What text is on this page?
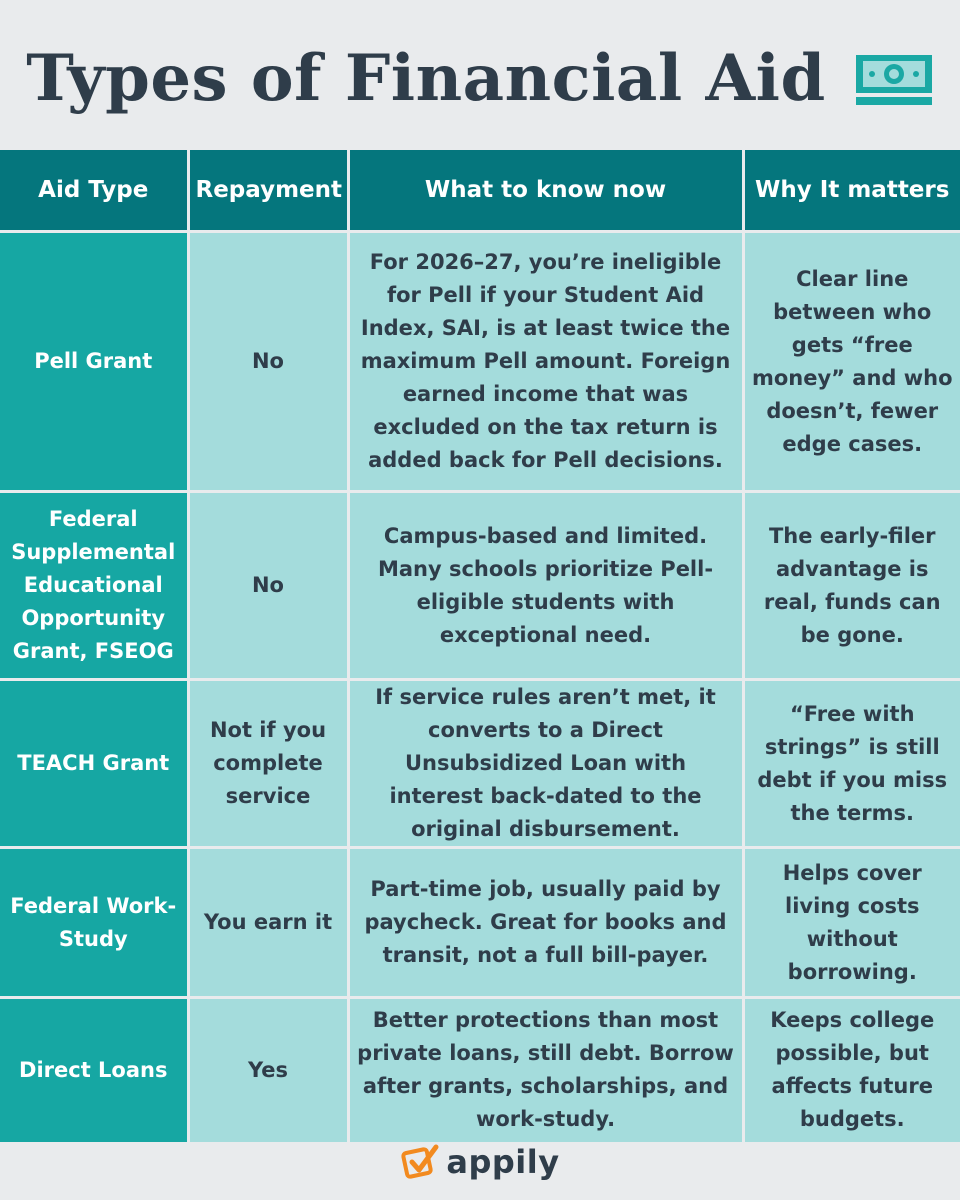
Types of Financial Aid
Aid Type	Repayment	What to know now	Why It matters
Pell Grant	No	For 2026–27, you’re ineligible for Pell if your Student Aid Index, SAI, is at least twice the maximum Pell amount. Foreign earned income that was excluded on the tax return is added back for Pell decisions.	Clear line between who gets “free money” and who doesn’t, fewer edge cases.
Federal Supplemental Educational Opportunity Grant, FSEOG	No	Campus-based and limited. Many schools prioritize Pell-eligible students with exceptional need.	The early-filer advantage is real, funds can be gone.
TEACH Grant	Not if you complete service	If service rules aren’t met, it converts to a Direct Unsubsidized Loan with interest back-dated to the original disbursement.	“Free with strings” is still debt if you miss the terms.
Federal Work-Study	You earn it	Part-time job, usually paid by paycheck. Great for books and transit, not a full bill-payer.	Helps cover living costs without borrowing.
Direct Loans	Yes	Better protections than most private loans, still debt. Borrow after grants, scholarships, and work-study.	Keeps college possible, but affects future budgets.
appily
